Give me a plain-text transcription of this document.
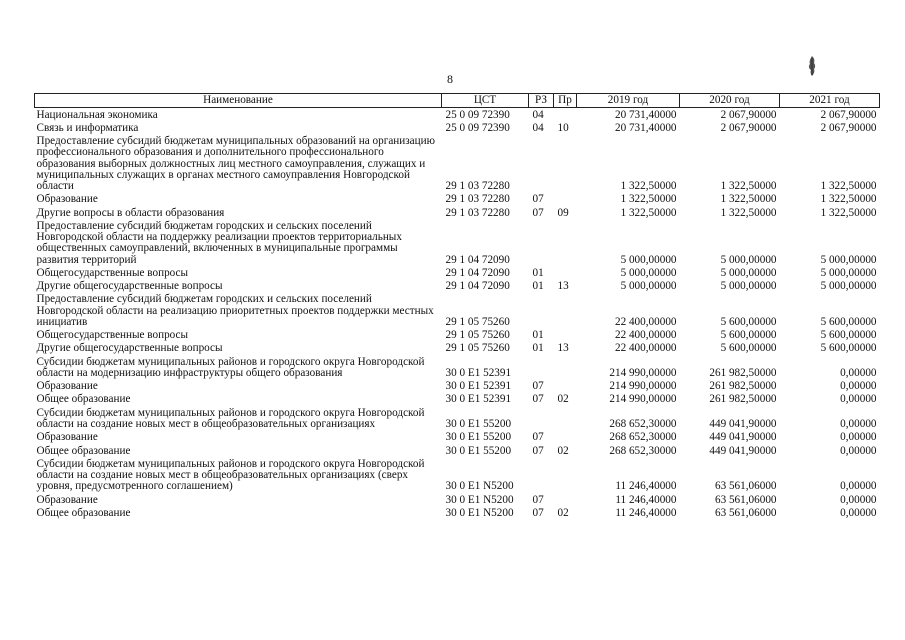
8
Наименование	ЦСТ	РЗ	Пр	2019 год	2020 год	2021 год
Национальная экономика	25 0 09 72390	04		20 731,40000	2 067,90000	2 067,90000
Связь и информатика	25 0 09 72390	04	10	20 731,40000	2 067,90000	2 067,90000
Предоставление субсидий бюджетам муниципальных образований на организацию профессионального образования и дополнительного профессионального образования выборных должностных лиц местного самоуправления, служащих и муниципальных служащих в органах местного самоуправления Новгородской области	29 1 03 72280			1 322,50000	1 322,50000	1 322,50000
Образование	29 1 03 72280	07		1 322,50000	1 322,50000	1 322,50000
Другие вопросы в области образования	29 1 03 72280	07	09	1 322,50000	1 322,50000	1 322,50000
Предоставление субсидий бюджетам городских и сельских поселений Новгородской области на поддержку реализации проектов территориальных общественных самоуправлений, включенных в муниципальные программы развития территорий	29 1 04 72090			5 000,00000	5 000,00000	5 000,00000
Общегосударственные вопросы	29 1 04 72090	01		5 000,00000	5 000,00000	5 000,00000
Другие общегосударственные вопросы	29 1 04 72090	01	13	5 000,00000	5 000,00000	5 000,00000
Предоставление субсидий бюджетам городских и сельских поселений Новгородской области на реализацию приоритетных проектов поддержки местных инициатив	29 1 05 75260			22 400,00000	5 600,00000	5 600,00000
Общегосударственные вопросы	29 1 05 75260	01		22 400,00000	5 600,00000	5 600,00000
Другие общегосударственные вопросы	29 1 05 75260	01	13	22 400,00000	5 600,00000	5 600,00000
Субсидии бюджетам муниципальных районов и городского округа Новгородской области на модернизацию инфраструктуры общего образования	30 0 E1 52391			214 990,00000	261 982,50000	0,00000
Образование	30 0 E1 52391	07		214 990,00000	261 982,50000	0,00000
Общее образование	30 0 E1 52391	07	02	214 990,00000	261 982,50000	0,00000
Субсидии бюджетам муниципальных районов и городского округа Новгородской области на создание новых мест в общеобразовательных организациях	30 0 E1 55200			268 652,30000	449 041,90000	0,00000
Образование	30 0 E1 55200	07		268 652,30000	449 041,90000	0,00000
Общее образование	30 0 E1 55200	07	02	268 652,30000	449 041,90000	0,00000
Субсидии бюджетам муниципальных районов и городского округа Новгородской области на создание новых мест в общеобразовательных организациях (сверх уровня, предусмотренного соглашением)	30 0 E1 N5200			11 246,40000	63 561,06000	0,00000
Образование	30 0 E1 N5200	07		11 246,40000	63 561,06000	0,00000
Общее образование	30 0 E1 N5200	07	02	11 246,40000	63 561,06000	0,00000
